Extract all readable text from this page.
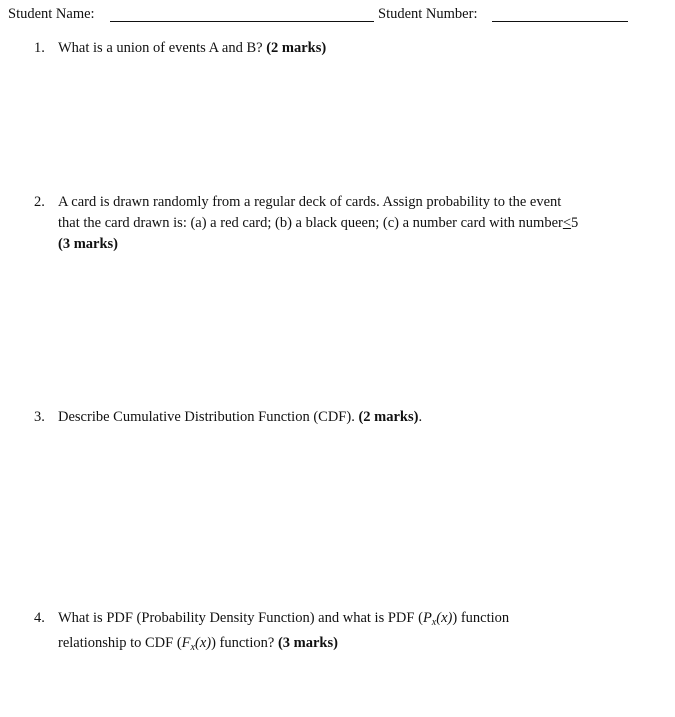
Student Name:	Student Number:
1. What is a union of events A and B? (2 marks)
2. A card is drawn randomly from a regular deck of cards. Assign probability to the event
that the card drawn is: (a) a red card; (b) a black queen; (c) a number card with number≤5
(3 marks)
3. Describe Cumulative Distribution Function (CDF). (2 marks).
4. What is PDF (Probability Density Function) and what is PDF $(P_x(x))$ function
relationship to CDF $(F_x(x))$ function? (3 marks)
